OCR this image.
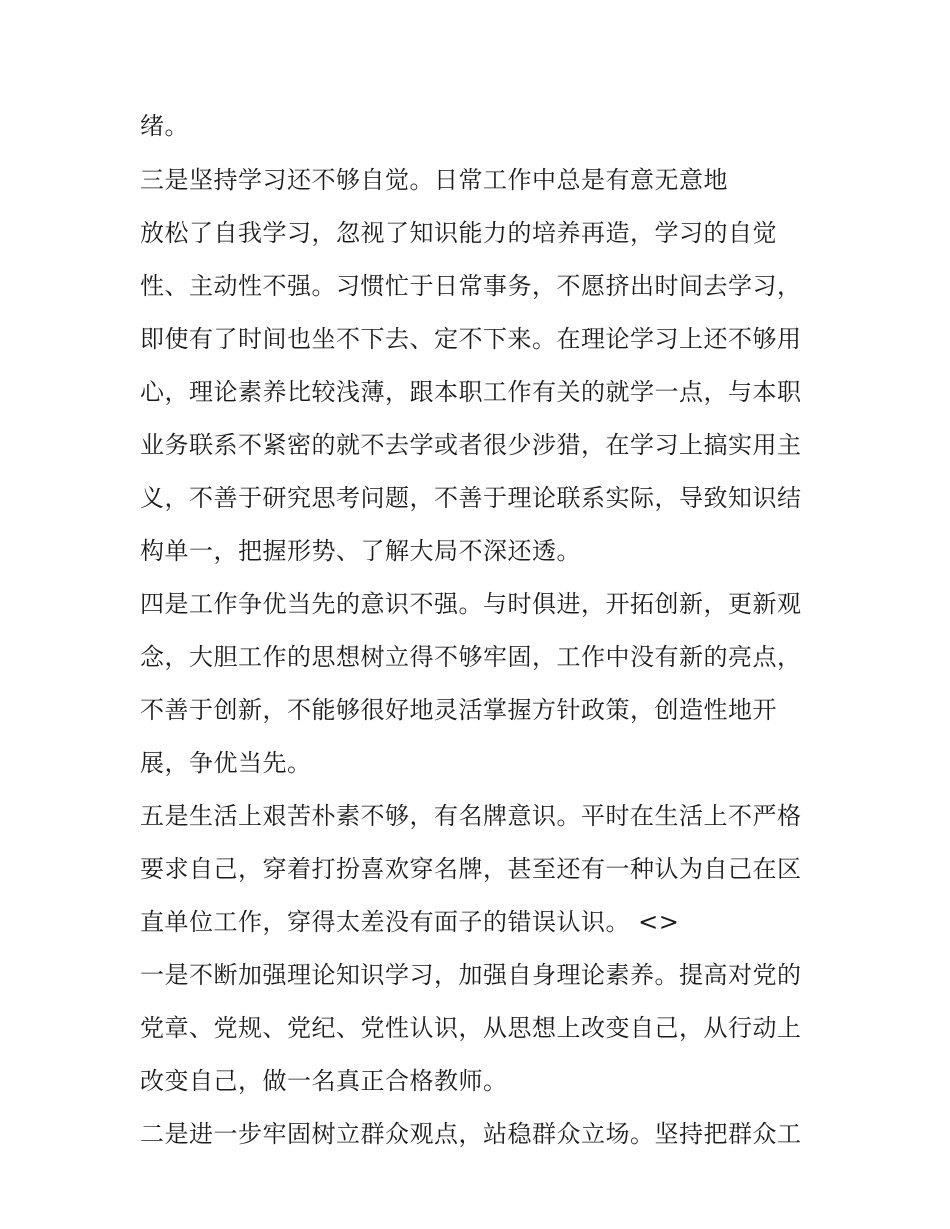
绪。
三是坚持学习还不够自觉。日常工作中总是有意无意地
放松了自我学习，忽视了知识能力的培养再造，学习的自觉
性、主动性不强。习惯忙于日常事务，不愿挤出时间去学习，
即使有了时间也坐不下去、定不下来。在理论学习上还不够用
心，理论素养比较浅薄，跟本职工作有关的就学一点，与本职
业务联系不紧密的就不去学或者很少涉猎，在学习上搞实用主
义，不善于研究思考问题，不善于理论联系实际，导致知识结
构单一，把握形势、了解大局不深还透。
四是工作争优当先的意识不强。与时俱进，开拓创新，更新观
念，大胆工作的思想树立得不够牢固，工作中没有新的亮点，
不善于创新，不能够很好地灵活掌握方针政策，创造性地开
展，争优当先。
五是生活上艰苦朴素不够，有名牌意识。平时在生活上不严格
要求自己，穿着打扮喜欢穿名牌，甚至还有一种认为自己在区
直单位工作，穿得太差没有面子的错误认识。 <>
一是不断加强理论知识学习，加强自身理论素养。提高对党的
党章、党规、党纪、党性认识，从思想上改变自己，从行动上
改变自己，做一名真正合格教师。
二是进一步牢固树立群众观点，站稳群众立场。坚持把群众工
